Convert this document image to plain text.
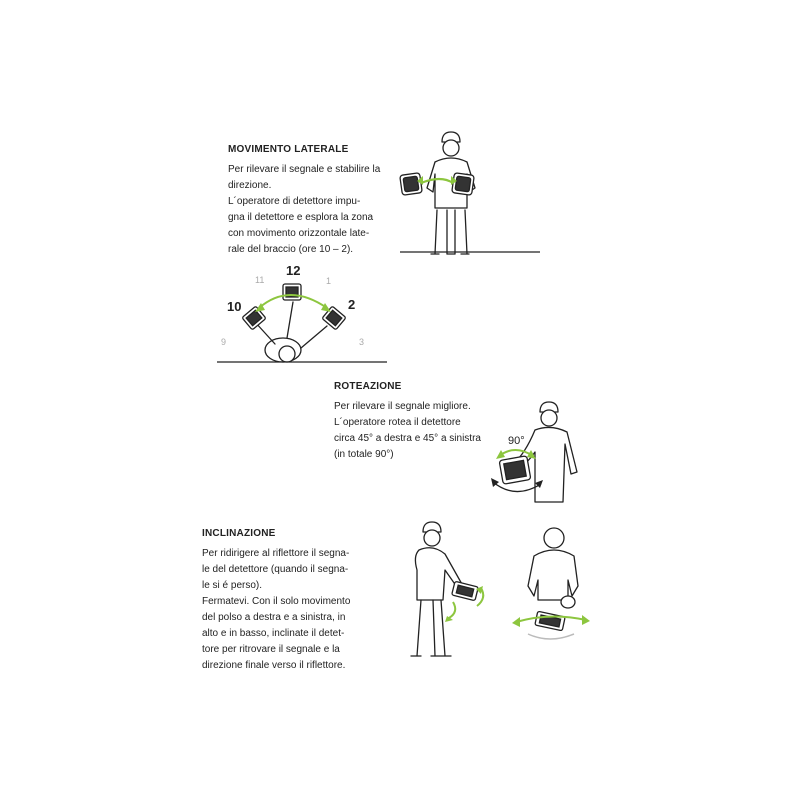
MOVIMENTO LATERALE
Per rilevare il segnale e stabilire la
direzione.
L´operatore di detettore impu-
gna il detettore e esplora la zona
con movimento orizzontale late-
rale del braccio (ore 10 – 2).
12
10	2
11	1
9	3
ROTEAZIONE
Per rilevare il segnale migliore.
L´operatore rotea il detettore
circa 45° a destra e 45° a sinistra
(in totale 90°)
90°
INCLINAZIONE
Per ridirigere al riflettore il segna-
le del detettore (quando il segna-
le si é perso).
Fermatevi. Con il solo movimento
del polso a destra e a sinistra, in
alto e in basso, inclinate il detet-
tore per ritrovare il segnale e la
direzione finale verso il riflettore.
